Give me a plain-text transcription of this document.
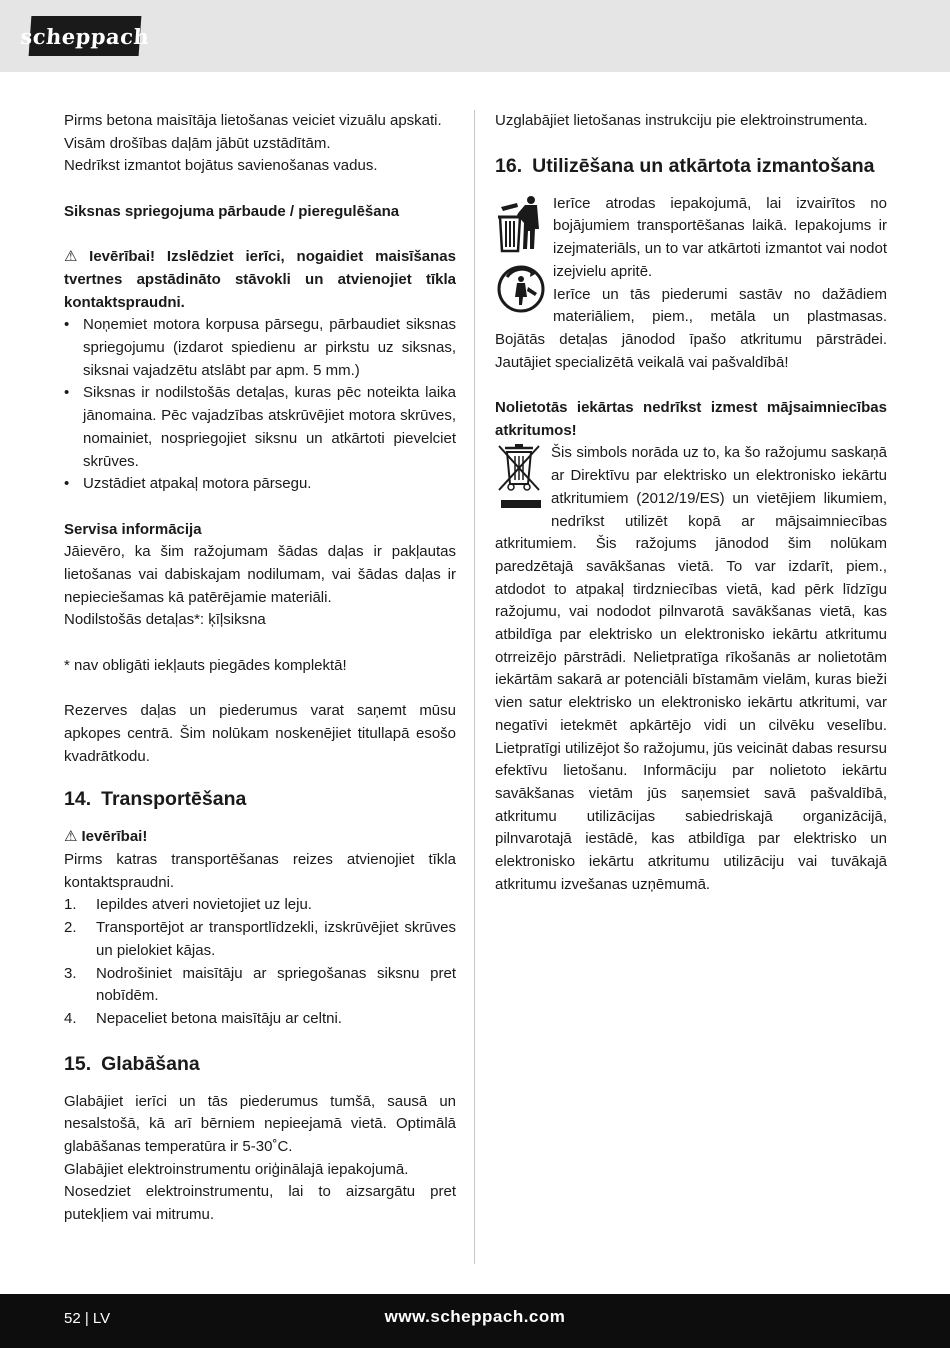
scheppach

Pirms betona maisītāja lietošanas veiciet vizuālu apskati.

Visām drošības daļām jābūt uzstādītām.

Nedrīkst izmantot bojātus savienošanas vadus.

Siksnas spriegojuma pārbaude / pieregulēšana

⚠ Ievērībai! Izslēdziet ierīci, nogaidiet maisīšanas tvertnes apstādināto stāvokli un atvienojiet tīkla kontaktspraudni.

• Noņemiet motora korpusa pārsegu, pārbaudiet siksnas spriegojumu (izdarot spiedienu ar pirkstu uz siksnas, siksnai vajadzētu atslābt par apm. 5 mm.)
• Siksnas ir nodilstošās detaļas, kuras pēc noteikta laika jānomaina. Pēc vajadzības atskrūvējiet motora skrūves, nomainiet, nospriegojiet siksnu un atkārtoti pievelciet skrūves.
• Uzstādiet atpakaļ motora pārsegu.

Servisa informācija

Jāievēro, ka šim ražojumam šādas daļas ir pakļautas lietošanas vai dabiskajam nodilumam, vai šādas daļas ir nepieciešamas kā patērējamie materiāli.

Nodilstošās detaļas*: ķīļsiksna

* nav obligāti iekļauts piegādes komplektā!

Rezerves daļas un piederumus varat saņemt mūsu apkopes centrā. Šim nolūkam noskenējiet titullapā esošo kvadrātkodu.

14. Transportēšana

⚠ Ievērībai!

Pirms katras transportēšanas reizes atvienojiet tīkla kontaktspraudni.

1. Iepildes atveri novietojiet uz leju.
2. Transportējot ar transportlīdzekli, izskrūvējiet skrūves un pielokiet kājas.
3. Nodrošiniet maisītāju ar spriegošanas siksnu pret nobīdēm.
4. Nepaceliet betona maisītāju ar celtni.

15. Glabāšana

Glabājiet ierīci un tās piederumus tumšā, sausā un nesalstošā, kā arī bērniem nepieejamā vietā. Optimālā glabāšanas temperatūra ir 5-30˚C.

Glabājiet elektroinstrumentu oriģinālajā iepakojumā.

Nosedziet elektroinstrumentu, lai to aizsargātu pret putekļiem vai mitrumu.

Uzglabājiet lietošanas instrukciju pie elektroinstrumenta.

16. Utilizēšana un atkārtota izmantošana

Ierīce atrodas iepakojumā, lai izvairītos no bojājumiem transportēšanas laikā. Iepakojums ir izejmateriāls, un to var atkārtoti izmantot vai nodot izejvielu apritē.

Ierīce un tās piederumi sastāv no dažādiem materiāliem, piem., metāla un plastmasas. Bojātās detaļas jānodod īpašo atkritumu pārstrādei. Jautājiet specializētā veikalā vai pašvaldībā!

Nolietotās iekārtas nedrīkst izmest mājsaimniecības atkritumos!

Šis simbols norāda uz to, ka šo ražojumu saskaņā ar Direktīvu par elektrisko un elektronisko iekārtu atkritumiem (2012/19/ES) un vietējiem likumiem, nedrīkst utilizēt kopā ar mājsaimniecības atkritumiem. Šis ražojums jānodod šim nolūkam paredzētajā savākšanas vietā. To var izdarīt, piem., atdodot to atpakaļ tirdzniecības vietā, kad pērk līdzīgu ražojumu, vai nododot pilnvarotā savākšanas vietā, kas atbildīga par elektrisko un elektronisko iekārtu atkritumu otrreizējo pārstrādi. Nelietpratīga rīkošanās ar nolietotām iekārtām sakarā ar potenciāli bīstamām vielām, kuras bieži vien satur elektrisko un elektronisko iekārtu atkritumi, var negatīvi ietekmēt apkārtējo vidi un cilvēku veselību. Lietpratīgi utilizējot šo ražojumu, jūs veicināt dabas resursu efektīvu lietošanu. Informāciju par nolietoto iekārtu savākšanas vietām jūs saņemsiet savā pašvaldībā, atkritumu utilizācijas sabiedriskajā organizācijā, pilnvarotajā iestādē, kas atbildīga par elektrisko un elektronisko iekārtu atkritumu utilizāciju vai tuvākajā atkritumu izvešanas uzņēmumā.

52 | LV	www.scheppach.com
